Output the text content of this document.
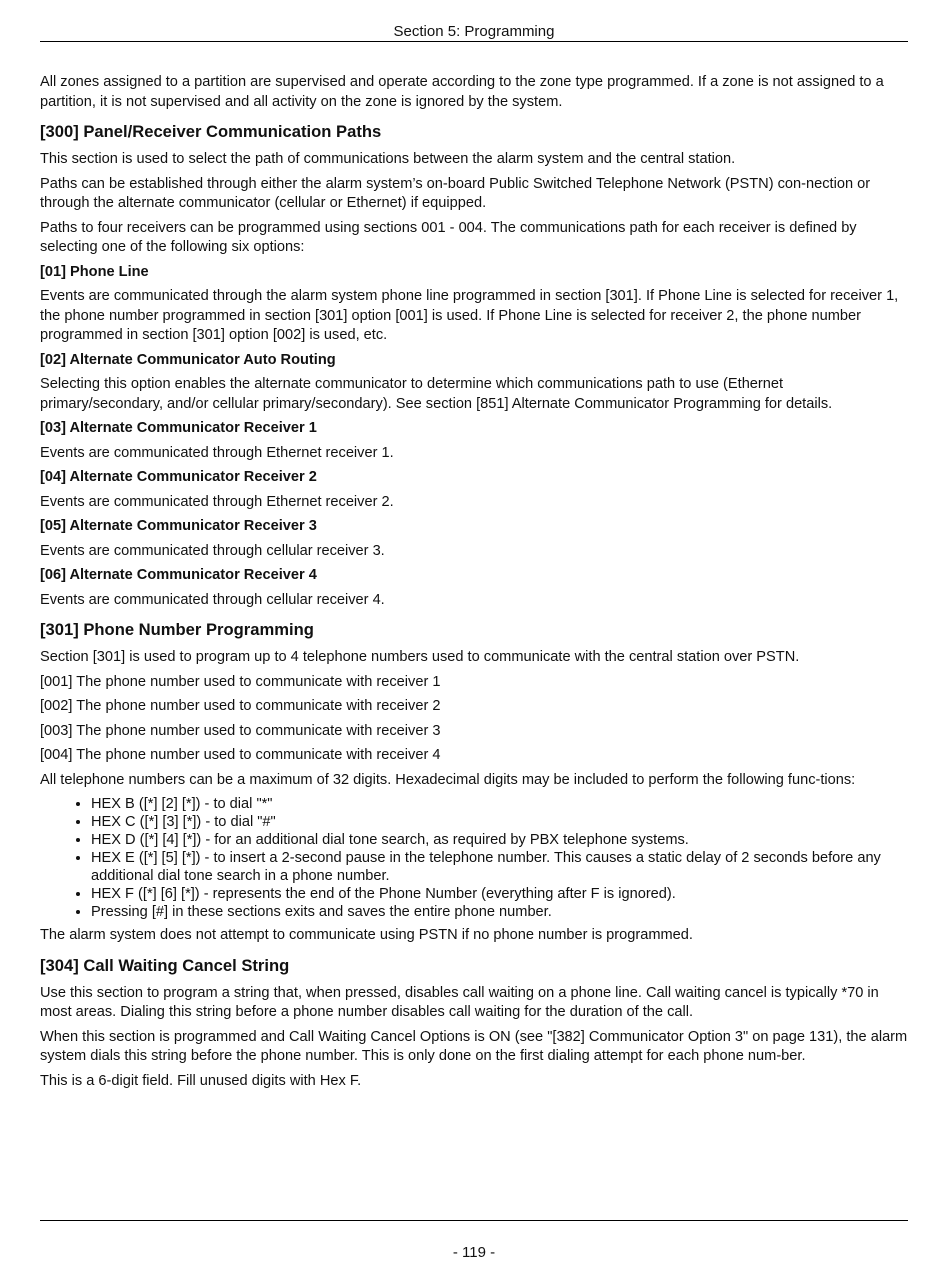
Section 5: Programming

All zones assigned to a partition are supervised and operate according to the zone type programmed. If a zone is not assigned to a partition, it is not supervised and all activity on the zone is ignored by the system.

[300] Panel/Receiver Communication Paths

This section is used to select the path of communications between the alarm system and the central station.

Paths can be established through either the alarm system’s on-board Public Switched Telephone Network (PSTN) con-nection or through the alternate communicator (cellular or Ethernet) if equipped.

Paths to four receivers can be programmed using sections 001 - 004. The communications path for each receiver is defined by selecting one of the following six options:

[01] Phone Line

Events are communicated through the alarm system phone line programmed in section [301]. If Phone Line is selected for receiver 1, the phone number programmed in section [301] option [001] is used. If Phone Line is selected for receiver 2, the phone number programmed in section [301] option [002] is used, etc.

[02] Alternate Communicator Auto Routing

Selecting this option enables the alternate communicator to determine which communications path to use (Ethernet primary/secondary, and/or cellular primary/secondary). See section [851] Alternate Communicator Programming for details.

[03] Alternate Communicator Receiver 1

Events are communicated through Ethernet receiver 1.

[04] Alternate Communicator Receiver 2

Events are communicated through Ethernet receiver 2.

[05] Alternate Communicator Receiver 3

Events are communicated through cellular receiver 3.

[06] Alternate Communicator Receiver 4

Events are communicated through cellular receiver 4.

[301] Phone Number Programming

Section [301] is used to program up to 4 telephone numbers used to communicate with the central station over PSTN.

[001] The phone number used to communicate with receiver 1

[002] The phone number used to communicate with receiver 2

[003] The phone number used to communicate with receiver 3

[004] The phone number used to communicate with receiver 4

All telephone numbers can be a maximum of 32 digits. Hexadecimal digits may be included to perform the following func-tions:

• HEX B ([*] [2] [*]) - to dial "*"
• HEX C ([*] [3] [*]) - to dial "#"
• HEX D ([*] [4] [*]) - for an additional dial tone search, as required by PBX telephone systems.
• HEX E ([*] [5] [*]) - to insert a 2-second pause in the telephone number. This causes a static delay of 2 seconds before any additional dial tone search in a phone number.
• HEX F ([*] [6] [*]) - represents the end of the Phone Number (everything after F is ignored).
• Pressing [#] in these sections exits and saves the entire phone number.

The alarm system does not attempt to communicate using PSTN if no phone number is programmed.

[304] Call Waiting Cancel String

Use this section to program a string that, when pressed, disables call waiting on a phone line. Call waiting cancel is typically *70 in most areas. Dialing this string before a phone number disables call waiting for the duration of the call.

When this section is programmed and Call Waiting Cancel Options is ON (see "[382] Communicator Option 3" on page 131), the alarm system dials this string before the phone number. This is only done on the first dialing attempt for each phone num-ber.

This is a 6-digit field. Fill unused digits with Hex F.

- 119 -
